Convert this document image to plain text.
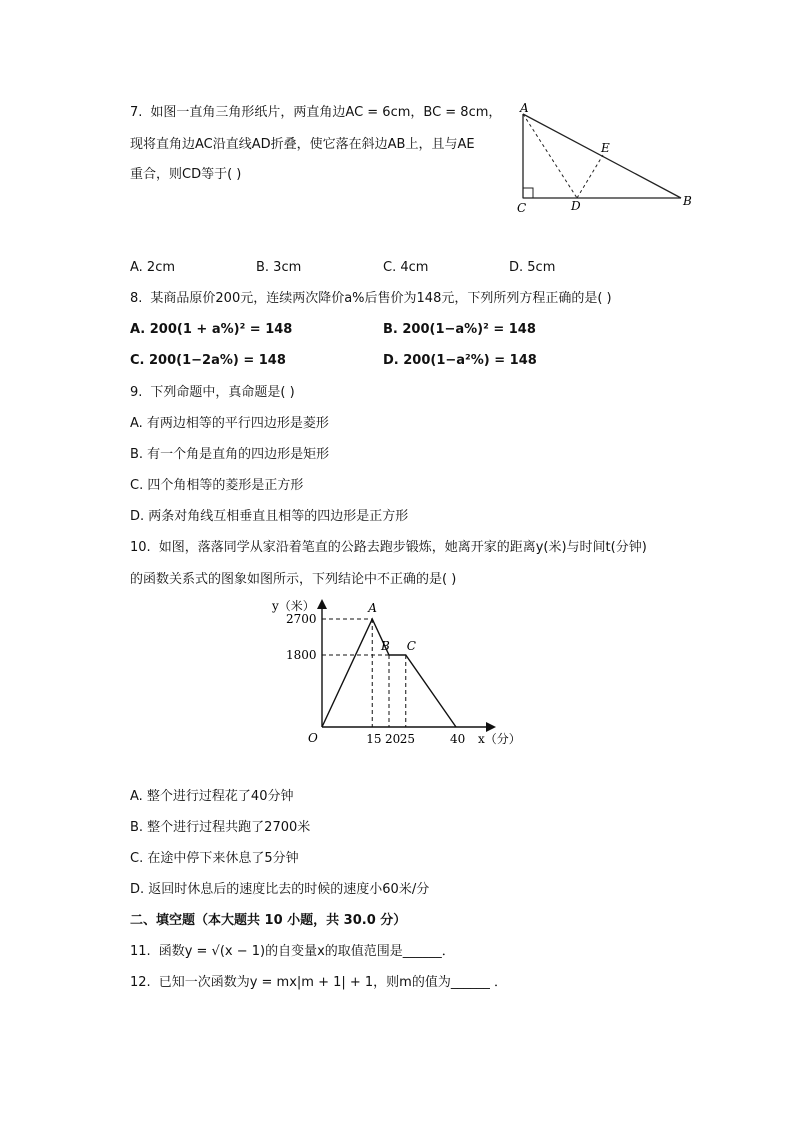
7. 如图一直角三角形纸片，两直角边AC = 6cm，BC = 8cm，
现将直角边AC沿直线AD折叠，使它落在斜边AB上，且与AE
重合，则CD等于( )
A
E
C	D	B
A. 2cm	B. 3cm	C. 4cm	D. 5cm
8. 某商品原价200元，连续两次降价a%后售价为148元，下列所列方程正确的是( )
A. 200(1 + a%)² = 148	B. 200(1−a%)² = 148
C. 200(1−2a%) = 148	D. 200(1−a²%) = 148
9. 下列命题中，真命题是( )
A. 有两边相等的平行四边形是菱形
B. 有一个角是直角的四边形是矩形
C. 四个角相等的菱形是正方形
D. 两条对角线互相垂直且相等的四边形是正方形
10. 如图，落落同学从家沿着笔直的公路去跑步锻炼，她离开家的距离y(米)与时间t(分钟)
的函数关系式的图象如图所示，下列结论中不正确的是( )
y（米）
x（分）
O	15 20 25	40
2700
1800
A
B C
A. 整个进行过程花了40分钟
B. 整个进行过程共跑了2700米
C. 在途中停下来休息了5分钟
D. 返回时休息后的速度比去的时候的速度小60米/分
二、填空题（本大题共 10 小题，共 30.0 分）
11. 函数y = √(x − 1)的自变量x的取值范围是______．
12. 已知一次函数为y = mx|m + 1| + 1，则m的值为______ ．
